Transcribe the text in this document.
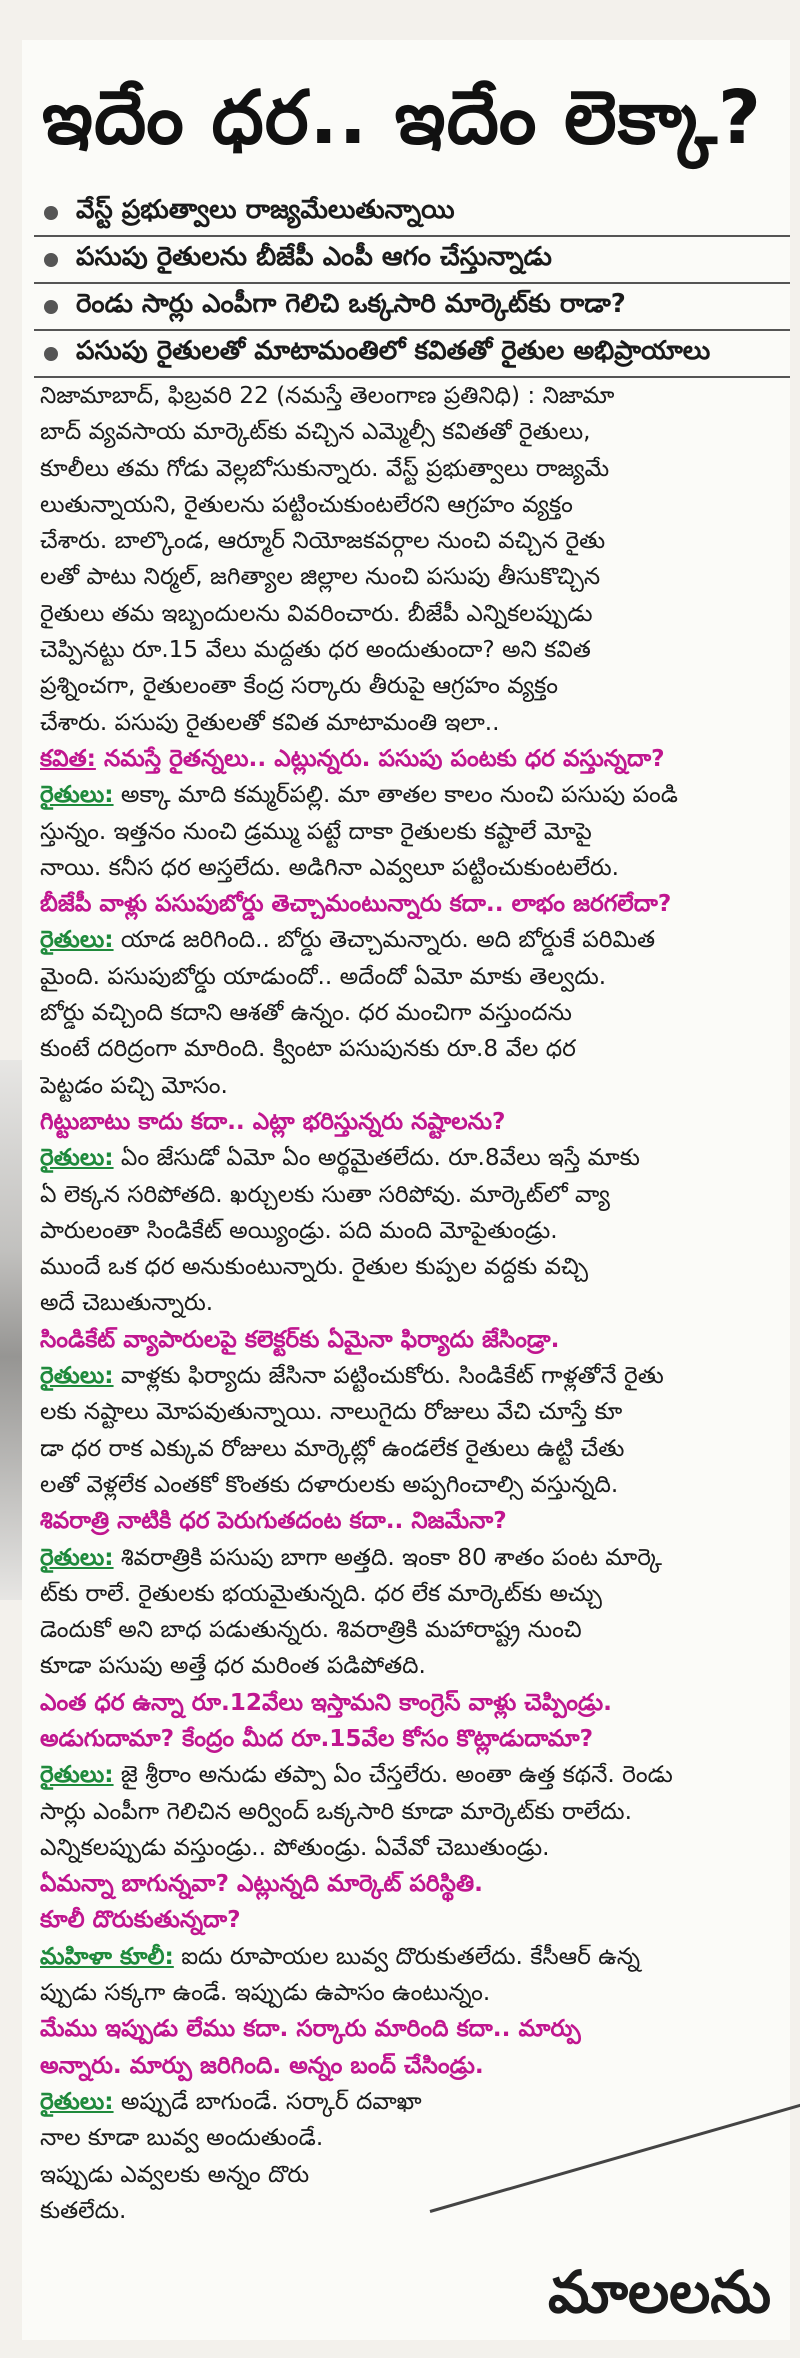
ఇదేం ధర.. ఇదేం లెక్కా?
వేస్ట్ ప్రభుత్వాలు రాజ్యమేలుతున్నాయి
పసుపు రైతులను బీజేపీ ఎంపీ ఆగం చేస్తున్నాడు
రెండు సార్లు ఎంపీగా గెలిచి ఒక్కసారి మార్కెట్‌కు రాడా?
పసుపు రైతులతో మాటామంతిలో కవితతో రైతుల అభిప్రాయాలు

నిజామాబాద్, ఫిబ్రవరి 22 (నమస్తే తెలంగాణ ప్రతినిధి) : నిజామా

బాద్ వ్యవసాయ మార్కెట్‌కు వచ్చిన ఎమ్మెల్సీ కవితతో రైతులు,

కూలీలు తమ గోడు వెల్లబోసుకున్నారు. వేస్ట్ ప్రభుత్వాలు రాజ్యమే

లుతున్నాయని, రైతులను పట్టించుకుంటలేరని ఆగ్రహం వ్యక్తం

చేశారు. బాల్కొండ, ఆర్మూర్ నియోజకవర్గాల నుంచి వచ్చిన రైతు

లతో పాటు నిర్మల్, జగిత్యాల జిల్లాల నుంచి పసుపు తీసుకొచ్చిన

రైతులు తమ ఇబ్బందులను వివరించారు. బీజేపీ ఎన్నికలప్పుడు

చెప్పినట్టు రూ.15 వేలు మద్దతు ధర అందుతుందా? అని కవిత

ప్రశ్నించగా, రైతులంతా కేంద్ర సర్కారు తీరుపై ఆగ్రహం వ్యక్తం

చేశారు. పసుపు రైతులతో కవిత మాటామంతి ఇలా..

కవిత: నమస్తే రైతన్నలు.. ఎట్లున్నరు. పసుపు పంటకు ధర వస్తున్నదా?

రైతులు: అక్కా మాది కమ్మర్‌పల్లి. మా తాతల కాలం నుంచి పసుపు పండి

స్తున్నం. ఇత్తనం నుంచి డ్రమ్ము పట్టే దాకా రైతులకు కష్టాలే మోపై

నాయి. కనీస ధర అస్తలేదు. అడిగినా ఎవ్వలూ పట్టించుకుంటలేరు.

బీజేపీ వాళ్లు పసుపుబోర్డు తెచ్చామంటున్నారు కదా.. లాభం జరగలేదా?

రైతులు: యాడ జరిగింది.. బోర్డు తెచ్చామన్నారు. అది బోర్డుకే పరిమిత

మైంది. పసుపుబోర్డు యాడుందో.. అదేందో ఏమో మాకు తెల్వదు.

బోర్డు వచ్చింది కదాని ఆశతో ఉన్నం. ధర మంచిగా వస్తుందను

కుంటే దరిద్రంగా మారింది. క్వింటా పసుపునకు రూ.8 వేల ధర

పెట్టడం పచ్చి మోసం.

గిట్టుబాటు కాదు కదా.. ఎట్లా భరిస్తున్నరు నష్టాలను?

రైతులు: ఏం జేసుడో ఏమో ఏం అర్థమైతలేదు. రూ.8వేలు ఇస్తే మాకు

ఏ లెక్కన సరిపోతది. ఖర్చులకు సుతా సరిపోవు. మార్కెట్‌లో వ్యా

పారులంతా సిండికేట్ అయ్యిండ్రు. పది మంది మోపైతుండ్రు.

ముందే ఒక ధర అనుకుంటున్నారు. రైతుల కుప్పల వద్దకు వచ్చి

అదే చెబుతున్నారు.

సిండికేట్ వ్యాపారులపై కలెక్టర్‌కు ఏమైనా ఫిర్యాదు జేసిండ్రా.

రైతులు: వాళ్లకు ఫిర్యాదు జేసినా పట్టించుకోరు. సిండికేట్ గాళ్లతోనే రైతు

లకు నష్టాలు మోపవుతున్నాయి. నాలుగైదు రోజులు వేచి చూస్తే కూ

డా ధర రాక ఎక్కువ రోజులు మార్కెట్లో ఉండలేక రైతులు ఉట్టి చేతు

లతో వెళ్లలేక ఎంతకో కొంతకు దళారులకు అప్పగించాల్సి వస్తున్నది.

శివరాత్రి నాటికి ధర పెరుగుతదంట కదా.. నిజమేనా?

రైతులు: శివరాత్రికి పసుపు బాగా అత్తది. ఇంకా 80 శాతం పంట మార్కె

ట్‌కు రాలే. రైతులకు భయమైతున్నది. ధర లేక మార్కెట్‌కు అచ్చు

డెందుకో అని బాధ పడుతున్నరు. శివరాత్రికి మహారాష్ట్ర నుంచి

కూడా పసుపు అత్తే ధర మరింత పడిపోతది.

ఎంత ధర ఉన్నా రూ.12వేలు ఇస్తామని కాంగ్రెస్ వాళ్లు చెప్పిండ్రు.

అడుగుదామా? కేంద్రం మీద రూ.15వేల కోసం కొట్లాడుదామా?

రైతులు: జై శ్రీరాం అనుడు తప్పా ఏం చేస్తలేరు. అంతా ఉత్త కథనే. రెండు

సార్లు ఎంపీగా గెలిచిన అర్వింద్ ఒక్కసారి కూడా మార్కెట్‌కు రాలేదు.

ఎన్నికలప్పుడు వస్తుండ్రు.. పోతుండ్రు. ఏవేవో చెబుతుండ్రు.

ఏమన్నా బాగున్నవా? ఎట్లున్నది మార్కెట్ పరిస్థితి.

కూలీ దొరుకుతున్నదా?

మహిళా కూలీ: ఐదు రూపాయల బువ్వ దొరుకుతలేదు. కేసీఆర్ ఉన్న

ప్పుడు సక్కగా ఉండే. ఇప్పుడు ఉపాసం ఉంటున్నం.

మేము ఇప్పుడు లేము కదా. సర్కారు మారింది కదా.. మార్పు

అన్నారు. మార్పు జరిగింది. అన్నం బంద్ చేసిండ్రు.

రైతులు: అప్పుడే బాగుండే. సర్కార్ దవాఖా

నాల కూడా బువ్వ అందుతుండే.

ఇప్పుడు ఎవ్వలకు అన్నం దొరు

కుతలేదు.

మాలలను
